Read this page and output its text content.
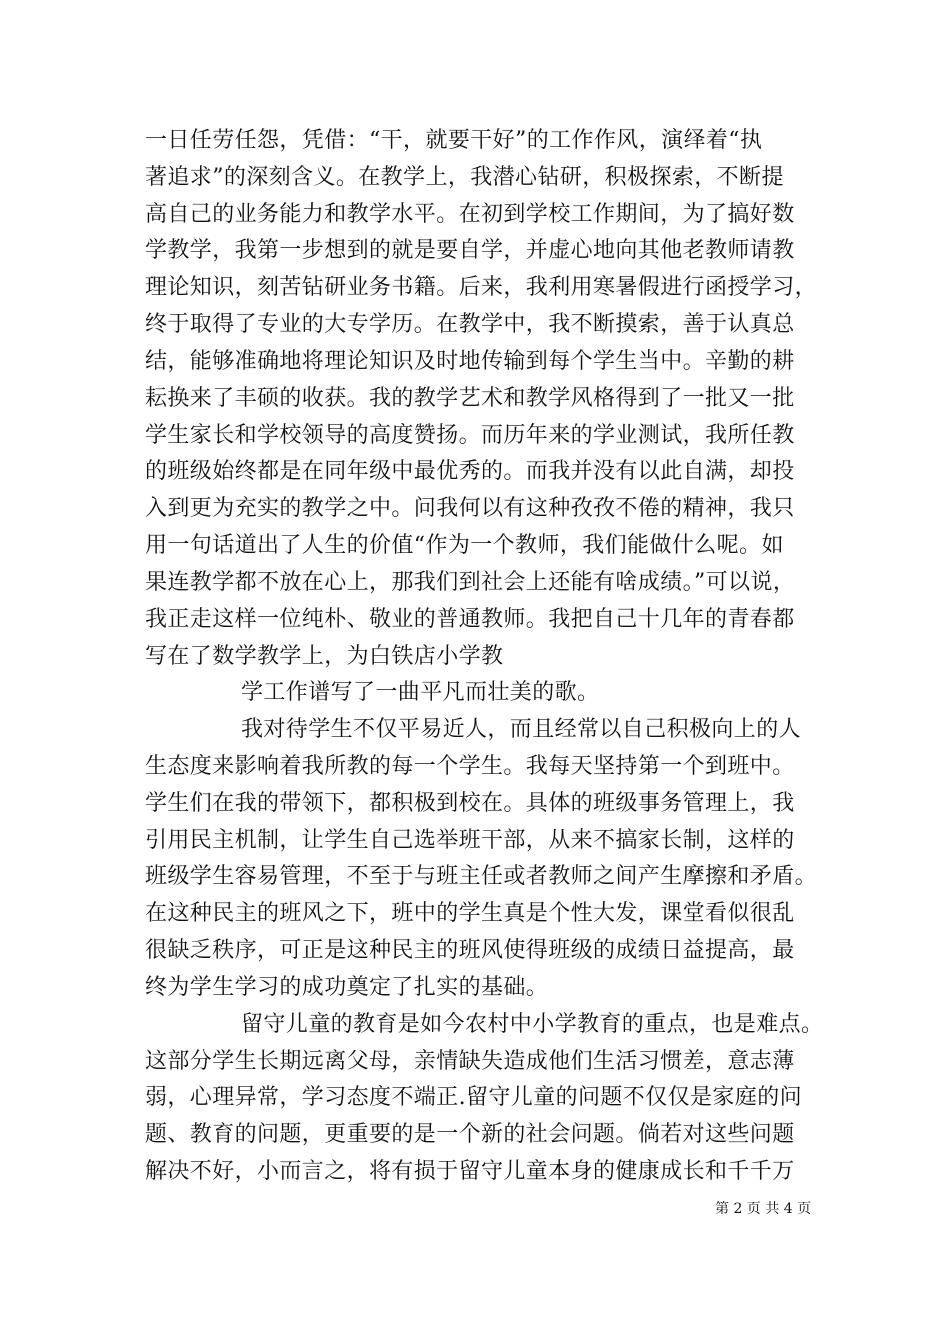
一日任劳任怨，凭借：“干，就要干好”的工作作风，演绎着“执
著追求”的深刻含义。在教学上，我潜心钻研，积极探索，不断提
高自己的业务能力和教学水平。在初到学校工作期间，为了搞好数
学教学，我第一步想到的就是要自学，并虚心地向其他老教师请教
理论知识，刻苦钻研业务书籍。后来，我利用寒暑假进行函授学习，
终于取得了专业的大专学历。在教学中，我不断摸索，善于认真总
结，能够准确地将理论知识及时地传输到每个学生当中。辛勤的耕
耘换来了丰硕的收获。我的教学艺术和教学风格得到了一批又一批
学生家长和学校领导的高度赞扬。而历年来的学业测试，我所任教
的班级始终都是在同年级中最优秀的。而我并没有以此自满，却投
入到更为充实的教学之中。问我何以有这种孜孜不倦的精神，我只
用一句话道出了人生的价值“作为一个教师，我们能做什么呢。如
果连教学都不放在心上，那我们到社会上还能有啥成绩。”可以说，
我正走这样一位纯朴、敬业的普通教师。我把自己十几年的青春都
写在了数学教学上，为白铁店小学教
学工作谱写了一曲平凡而壮美的歌。
我对待学生不仅平易近人，而且经常以自己积极向上的人
生态度来影响着我所教的每一个学生。我每天坚持第一个到班中。
学生们在我的带领下，都积极到校在。具体的班级事务管理上，我
引用民主机制，让学生自己选举班干部，从来不搞家长制，这样的
班级学生容易管理，不至于与班主任或者教师之间产生摩擦和矛盾。
在这种民主的班风之下，班中的学生真是个性大发，课堂看似很乱
很缺乏秩序，可正是这种民主的班风使得班级的成绩日益提高，最
终为学生学习的成功奠定了扎实的基础。
留守儿童的教育是如今农村中小学教育的重点，也是难点。
这部分学生长期远离父母，亲情缺失造成他们生活习惯差，意志薄
弱，心理异常，学习态度不端正.留守儿童的问题不仅仅是家庭的问
题、教育的问题，更重要的是一个新的社会问题。倘若对这些问题
解决不好，小而言之，将有损于留守儿童本身的健康成长和千千万
第 2 页 共 4 页
